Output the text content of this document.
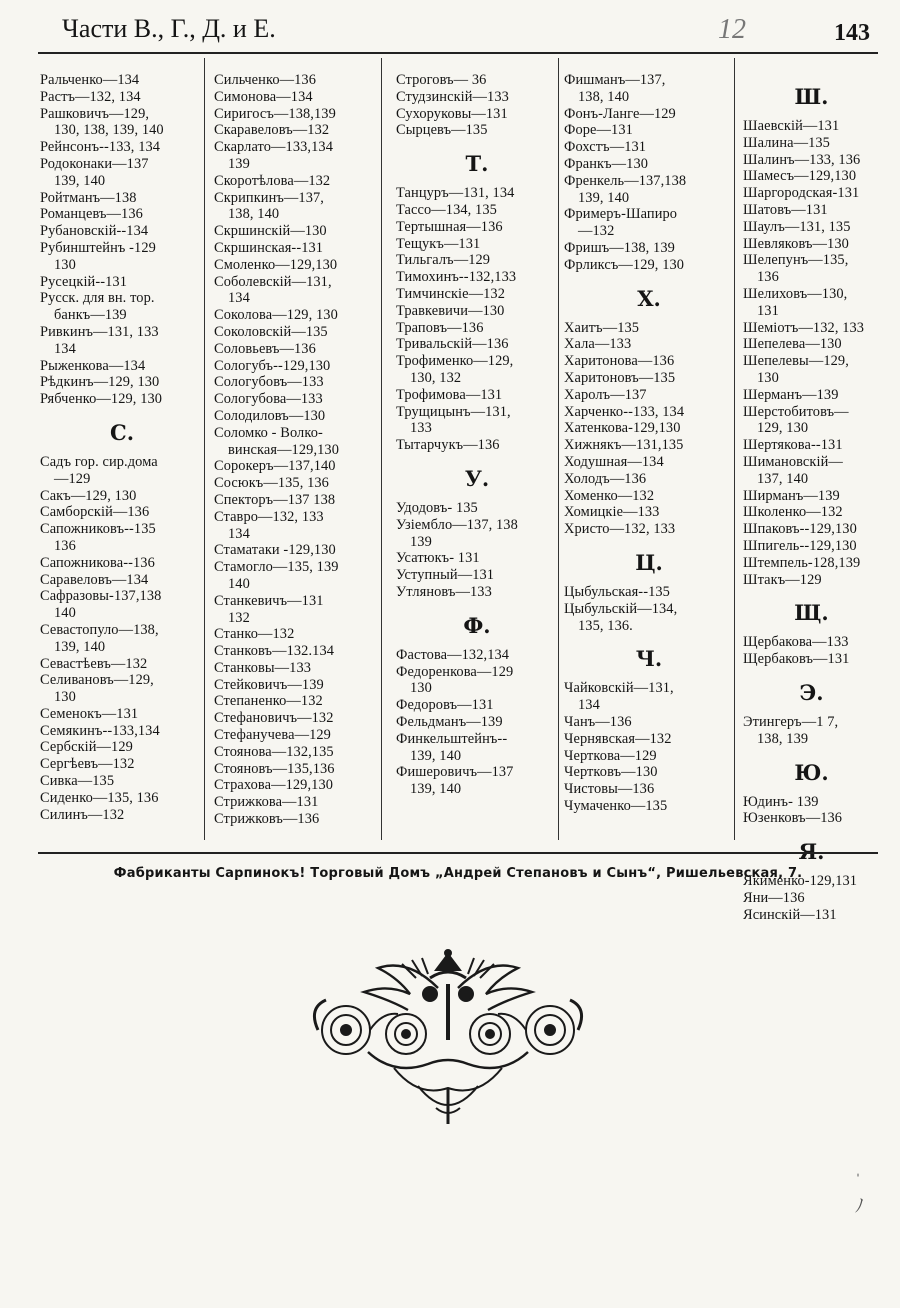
Части В., Г., Д. и Е.	12	143
Ральченко—134
Растъ—132, 134
Рашковичъ—129,
130, 138, 139, 140
Рейнсонъ--133, 134
Родоконаки—137
139, 140
Ройтманъ—138
Романцевъ—136
Рубановскій--134
Рубинштейнъ -129
130
Русецкій--131
Русск. для вн. тор.
банкъ—139
Ривкинъ—131, 133
134
Рыженкова—134
Рѣдкинъ—129, 130
Рябченко—129, 130
С.
Садъ гор. сир.дома
—129
Сакъ—129, 130
Самборскій—136
Сапожниковъ--135
136
Сапожникова--136
Саравеловъ—134
Сафразовы-137,138
140
Севастопуло—138,
139, 140
Севастѣевъ—132
Селивановъ—129,
130
Семенокъ—131
Семякинъ--133,134
Сербскій—129
Сергѣевъ—132
Сивка—135
Сиденко—135, 136
Силинъ—132
Сильченко—136
Симонова—134
Сиригосъ—138,139
Скаравеловъ—132
Скарлато—133,134
139
Скоротѣлова—132
Скрипкинъ—137,
138, 140
Скршинскій—130
Скршинская--131
Смоленко—129,130
Соболевскій—131,
134
Соколова—129, 130
Соколовскій—135
Соловьевъ—136
Сологубъ--129,130
Сологубовъ—133
Сологубова—133
Солодиловъ—130
Соломко - Волко-
винская—129,130
Сорокеръ—137,140
Сосюкъ—135, 136
Спекторъ—137 138
Ставро—132, 133
134
Стаматаки -129,130
Стамогло—135, 139
140
Станкевичъ—131
132
Станко—132
Станковъ—132.134
Станковы—133
Стейковичъ—139
Степаненко—132
Стефановичъ—132
Стефанучева—129
Стоянова—132,135
Стояновъ—135,136
Страхова—129,130
Стрижкова—131
Стрижковъ—136
Строговъ— 36
Студзинскій—133
Сухоруковы—131
Сырцевъ—135
Т.
Танцуръ—131, 134
Тассо—134, 135
Тертышная—136
Тещукъ—131
Тильгалъ—129
Тимохинъ--132,133
Тимчинскіе—132
Травкевичи—130
Траповъ—136
Тривальскій—136
Трофименко—129,
130, 132
Трофимова—131
Трущицынъ—131,
133
Тытарчукъ—136
У.
Удодовъ- 135
Узіембло—137, 138
139
Усатюкъ- 131
Уступный—131
Утляновъ—133
Ф.
Фастова—132,134
Федоренкова—129
130
Федоровъ—131
Фельдманъ—139
Финкельштейнъ--
139, 140
Фишеровичъ—137
139, 140
Фишманъ—137,
138, 140
Фонъ-Ланге—129
Форе—131
Фохстъ—131
Франкъ—130
Френкель—137,138
139, 140
Фримеръ-Шапиро
—132
Фришъ—138, 139
Фрликсъ—129, 130
Х.
Хаитъ—135
Хала—133
Харитонова—136
Харитоновъ—135
Харолъ—137
Харченко--133, 134
Хатенкова-129,130
Хижнякъ—131,135
Ходушная—134
Холодъ—136
Хоменко—132
Хомицкіе—133
Христо—132, 133
Ц.
Цыбульская--135
Цыбульскій—134,
135, 136.
Ч.
Чайковскій—131,
134
Чанъ—136
Чернявская—132
Черткова—129
Чертковъ—130
Чистовы—136
Чумаченко—135
Ш.
Шаевскій—131
Шалина—135
Шалинъ—133, 136
Шамесъ—129,130
Шаргородская-131
Шатовъ—131
Шаулъ—131, 135
Шевляковъ—130
Шелепунъ—135,
136
Шелиховъ—130,
131
Шеміотъ—132, 133
Шепелева—130
Шепелевы—129,
130
Шерманъ—139
Шерстобитовъ—
129, 130
Шертякова--131
Шимановскій—
137, 140
Ширманъ—139
Школенко—132
Шпаковъ--129,130
Шпигель--129,130
Штемпель-128,139
Штакъ—129
Щ.
Щербакова—133
Щербаковъ—131
Э.
Этингеръ—1 7,
138, 139
Ю.
Юдинъ- 139
Юзенковъ—136
Я.
Якименко-129,131
Яни—136
Ясинскій—131
Фабриканты Сарпинокъ! Торговый Домъ „Андрей Степановъ и Сынъ“, Ришельевская, 7.
ˈ
ﾉ
